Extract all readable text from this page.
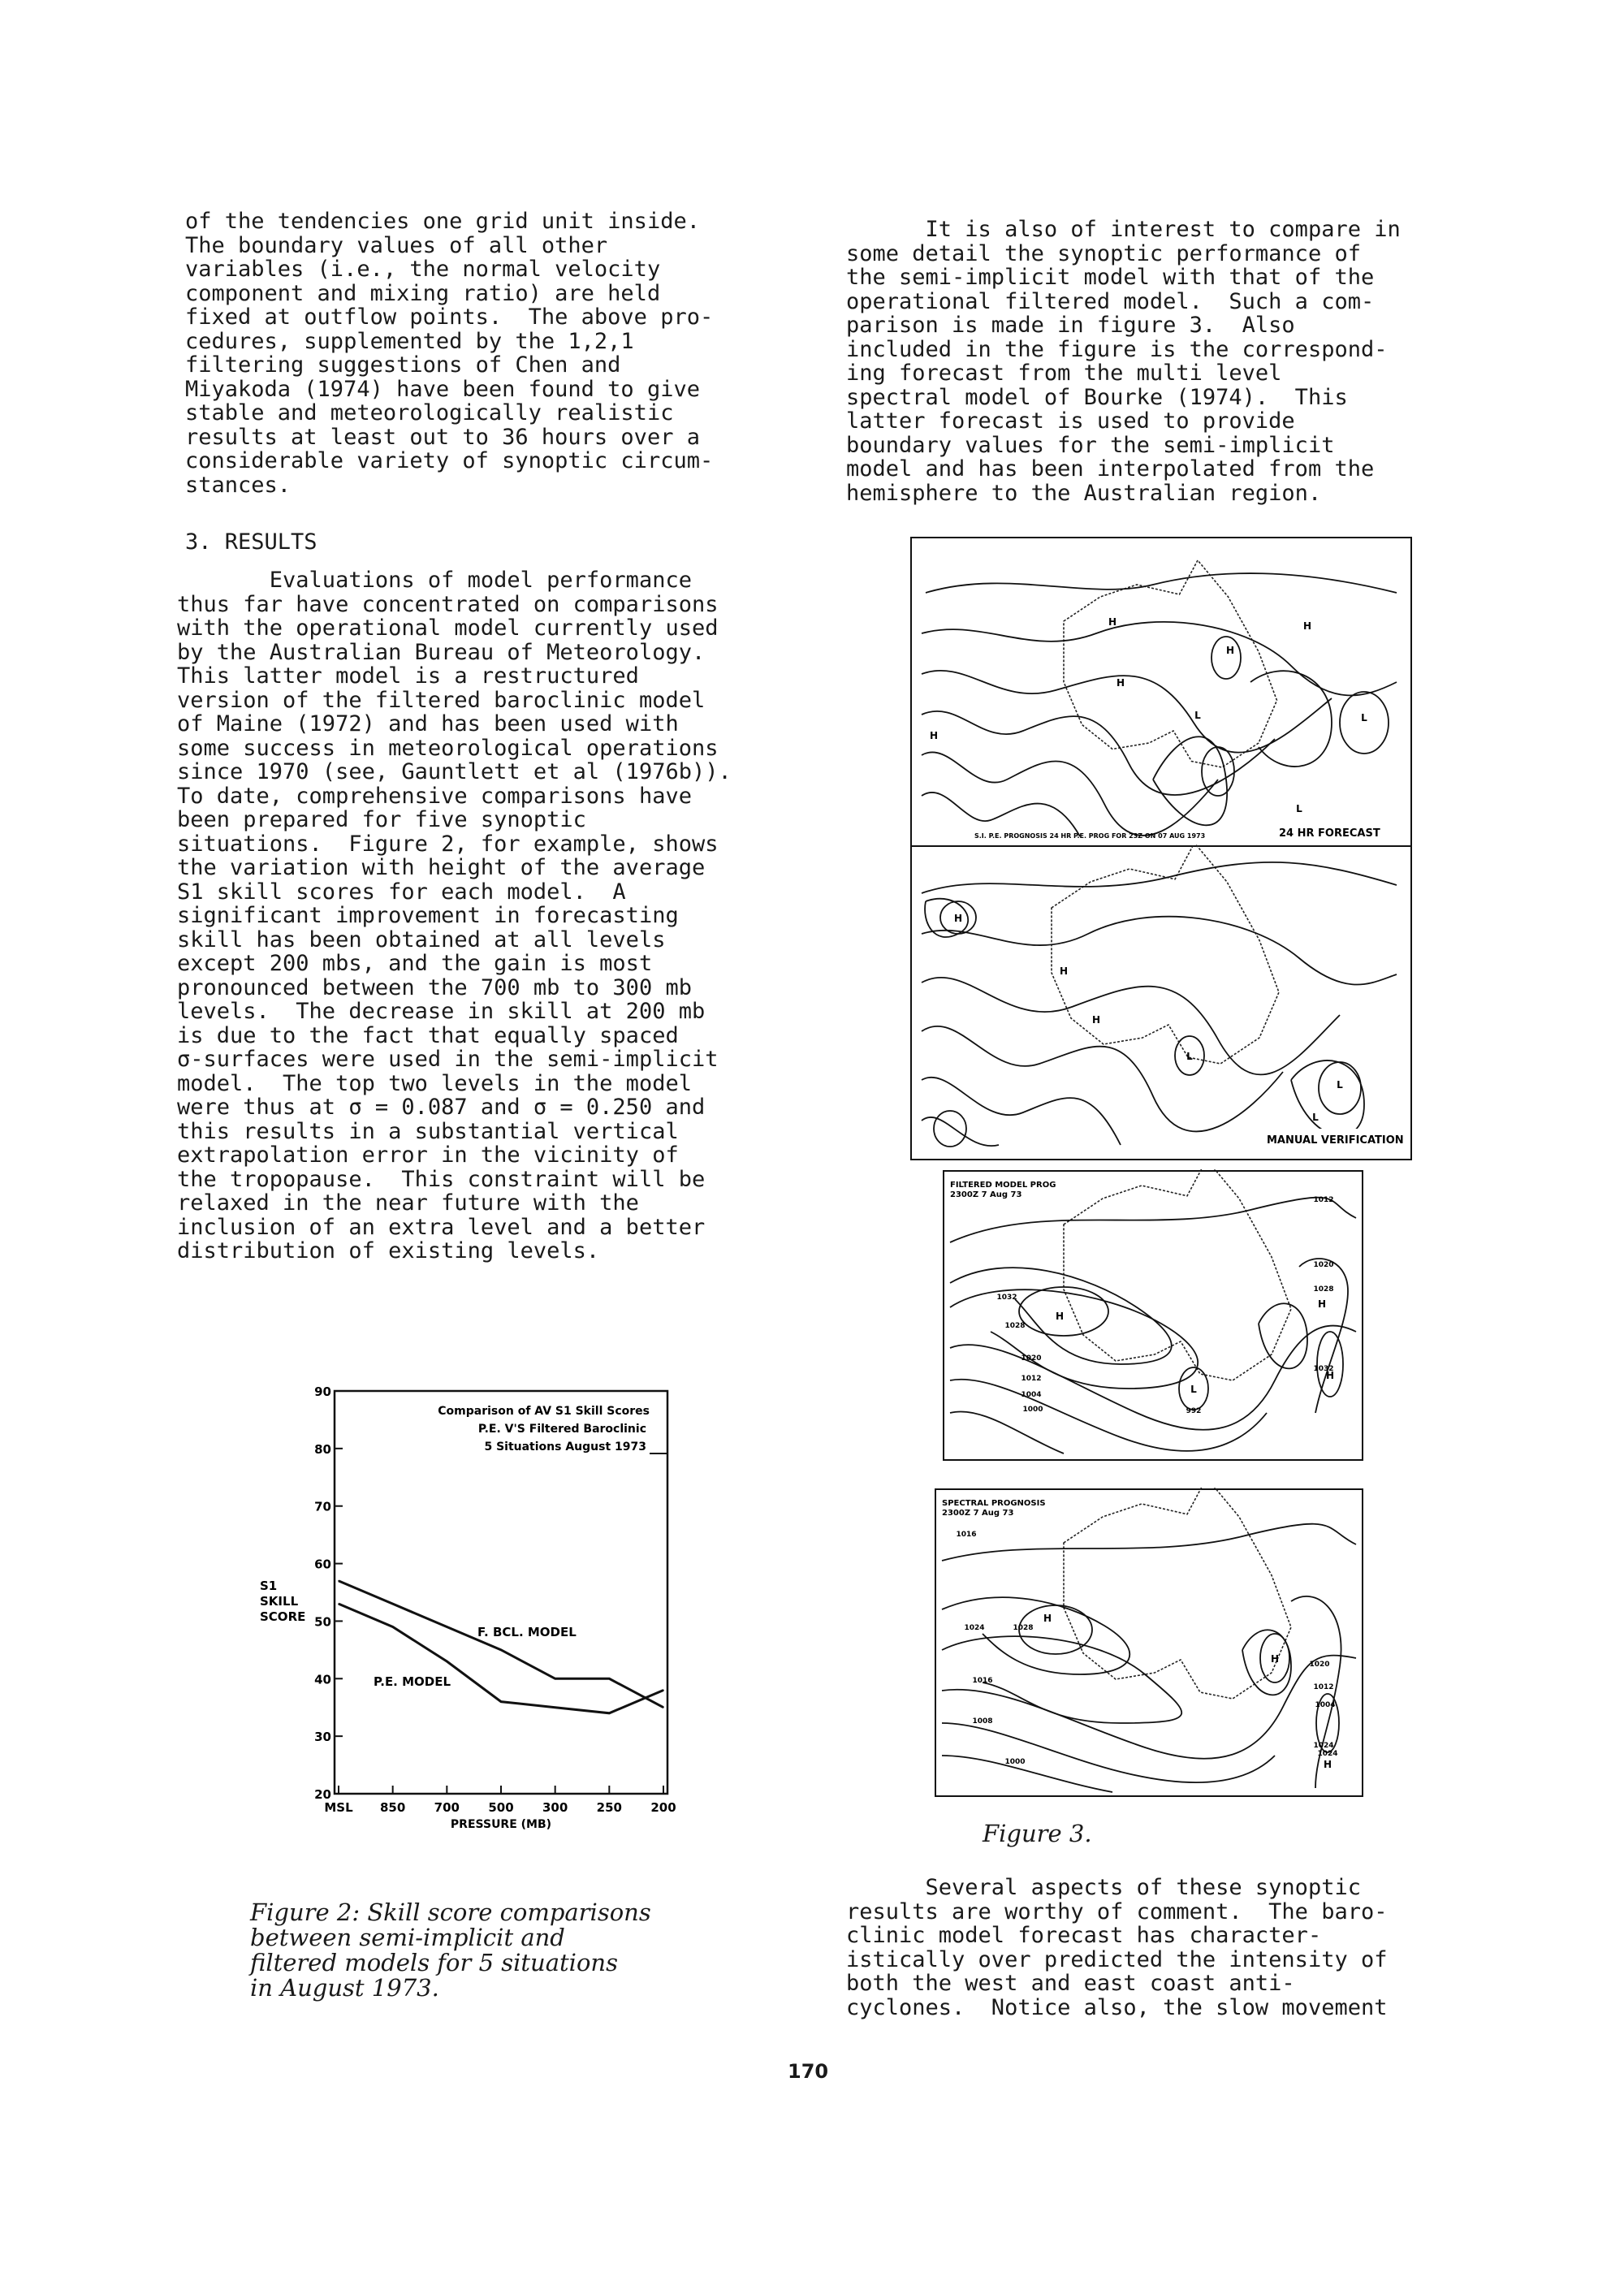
of the tendencies one grid unit inside.
The boundary values of all other
variables (i.e., the normal velocity
component and mixing ratio) are held
fixed at outflow points.  The above pro-
cedures, supplemented by the 1,2,1
filtering suggestions of Chen and
Miyakoda (1974) have been found to give
stable and meteorologically realistic
results at least out to 36 hours over a
considerable variety of synoptic circum-
stances.
3. RESULTS
Evaluations of model performance
thus far have concentrated on comparisons
with the operational model currently used
by the Australian Bureau of Meteorology.
This latter model is a restructured
version of the filtered baroclinic model
of Maine (1972) and has been used with
some success in meteorological operations
since 1970 (see, Gauntlett et al (1976b)).
To date, comprehensive comparisons have
been prepared for five synoptic
situations.  Figure 2, for example, shows
the variation with height of the average
S1 skill scores for each model.  A
significant improvement in forecasting
skill has been obtained at all levels
except 200 mbs, and the gain is most
pronounced between the 700 mb to 300 mb
levels.  The decrease in skill at 200 mb
is due to the fact that equally spaced
σ-surfaces were used in the semi-implicit
model.  The top two levels in the model
were thus at σ = 0.087 and σ = 0.250 and
this results in a substantial vertical
extrapolation error in the vicinity of
the tropopause.  This constraint will be
relaxed in the near future with the
inclusion of an extra level and a better
distribution of existing levels.
90
80
70
60
50
40
30
20
MSL 850 700 500 300 250 200
PRESSURE (MB)
Comparison of AV S1 Skill Scores
P.E. V'S Filtered Baroclinic
5 Situations August 1973
S1
SKILL
SCORE
F. BCL. MODEL
P.E. MODEL
Figure 2: Skill score comparisons
between semi-implicit and
filtered models for 5 situations
in August 1973.
It is also of interest to compare in
some detail the synoptic performance of
the semi-implicit model with that of the
operational filtered model.  Such a com-
parison is made in figure 3.  Also
included in the figure is the correspond-
ing forecast from the multi level
spectral model of Bourke (1974).  This
latter forecast is used to provide
boundary values for the semi-implicit
model and has been interpolated from the
hemisphere to the Australian region.
S.I. P.E. PROGNOSIS 24 HR P.E. PROG FOR 23Z ON 07 AUG 1973	24 HR FORECAST
H
H
H
H
L	L
L
H
MANUAL VERIFICATION
H
H
L
L
H
L
FILTERED MODEL PROG
2300Z 7 Aug 73
1032
1028
1020
1012
1004
1000	992
1012
1020
1028
1032
H
H
L
H
SPECTRAL PROGNOSIS
2300Z 7 Aug 73
1016
1024	1028
1016
1008
1000
1024
1020
1012
1004
1024
H
H
H
Figure 3.
Several aspects of these synoptic
results are worthy of comment.  The baro-
clinic model forecast has character-
istically over predicted the intensity of
both the west and east coast anti-
cyclones.  Notice also, the slow movement
170
